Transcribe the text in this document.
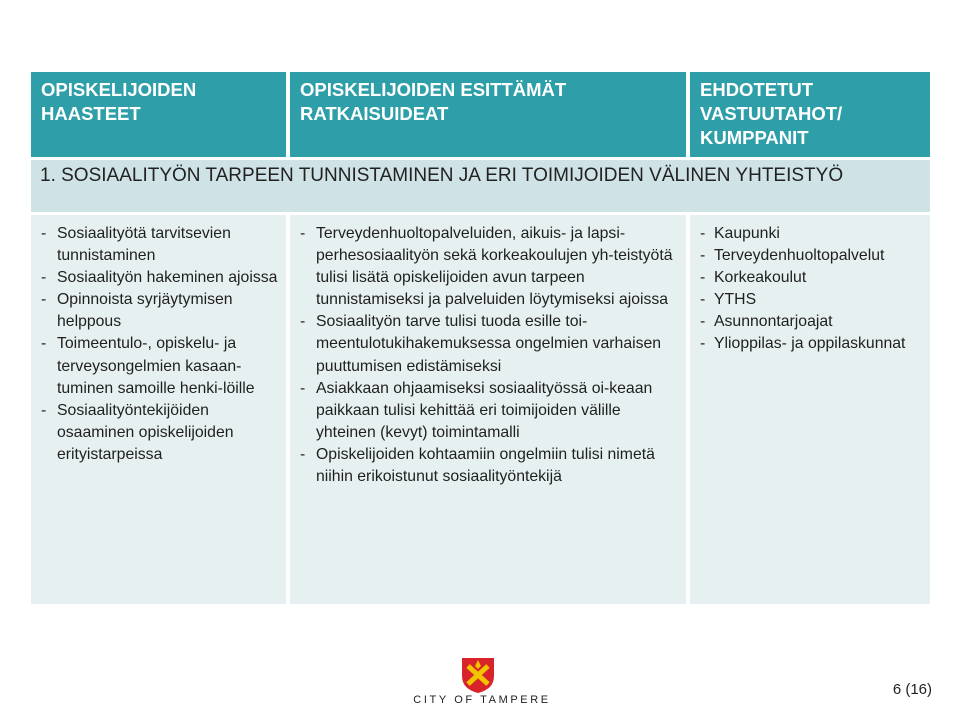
OPISKELIJOIDEN
HAASTEET
OPISKELIJOIDEN ESITTÄMÄT
RATKAISUIDEAT
EHDOTETUT
VASTUUTAHOT/
KUMPPANIT
1. SOSIAALITYÖN TARPEEN TUNNISTAMINEN JA ERI TOIMIJOIDEN VÄLINEN YHTEISTYÖ
- Sosiaalityötä tarvitsevien tunnistaminen
- Sosiaalityön hakeminen ajoissa
- Opinnoista syrjäytymisen helppous
- Toimeentulo-, opiskelu- ja terveysongelmien kasaan-tuminen samoille henki-löille
- Sosiaalityöntekijöiden osaaminen opiskelijoiden erityistarpeissa
- Terveydenhuoltopalveluiden, aikuis- ja lapsi-perhesosiaalityön sekä korkeakoulujen yh-teistyötä tulisi lisätä opiskelijoiden avun tarpeen tunnistamiseksi ja palveluiden löytymiseksi ajoissa
- Sosiaalityön tarve tulisi tuoda esille toi-meentulotukihakemuksessa ongelmien varhaisen puuttumisen edistämiseksi
- Asiakkaan ohjaamiseksi sosiaalityössä oi-keaan paikkaan tulisi kehittää eri toimijoiden välille yhteinen (kevyt) toimintamalli
- Opiskelijoiden kohtaamiin ongelmiin tulisi nimetä niihin erikoistunut sosiaalityöntekijä
- Kaupunki
- Terveydenhuoltopalvelut
- Korkeakoulut
- YTHS
- Asunnontarjoajat
- Ylioppilas- ja oppilaskunnat
CITY OF TAMPERE
6 (16)
